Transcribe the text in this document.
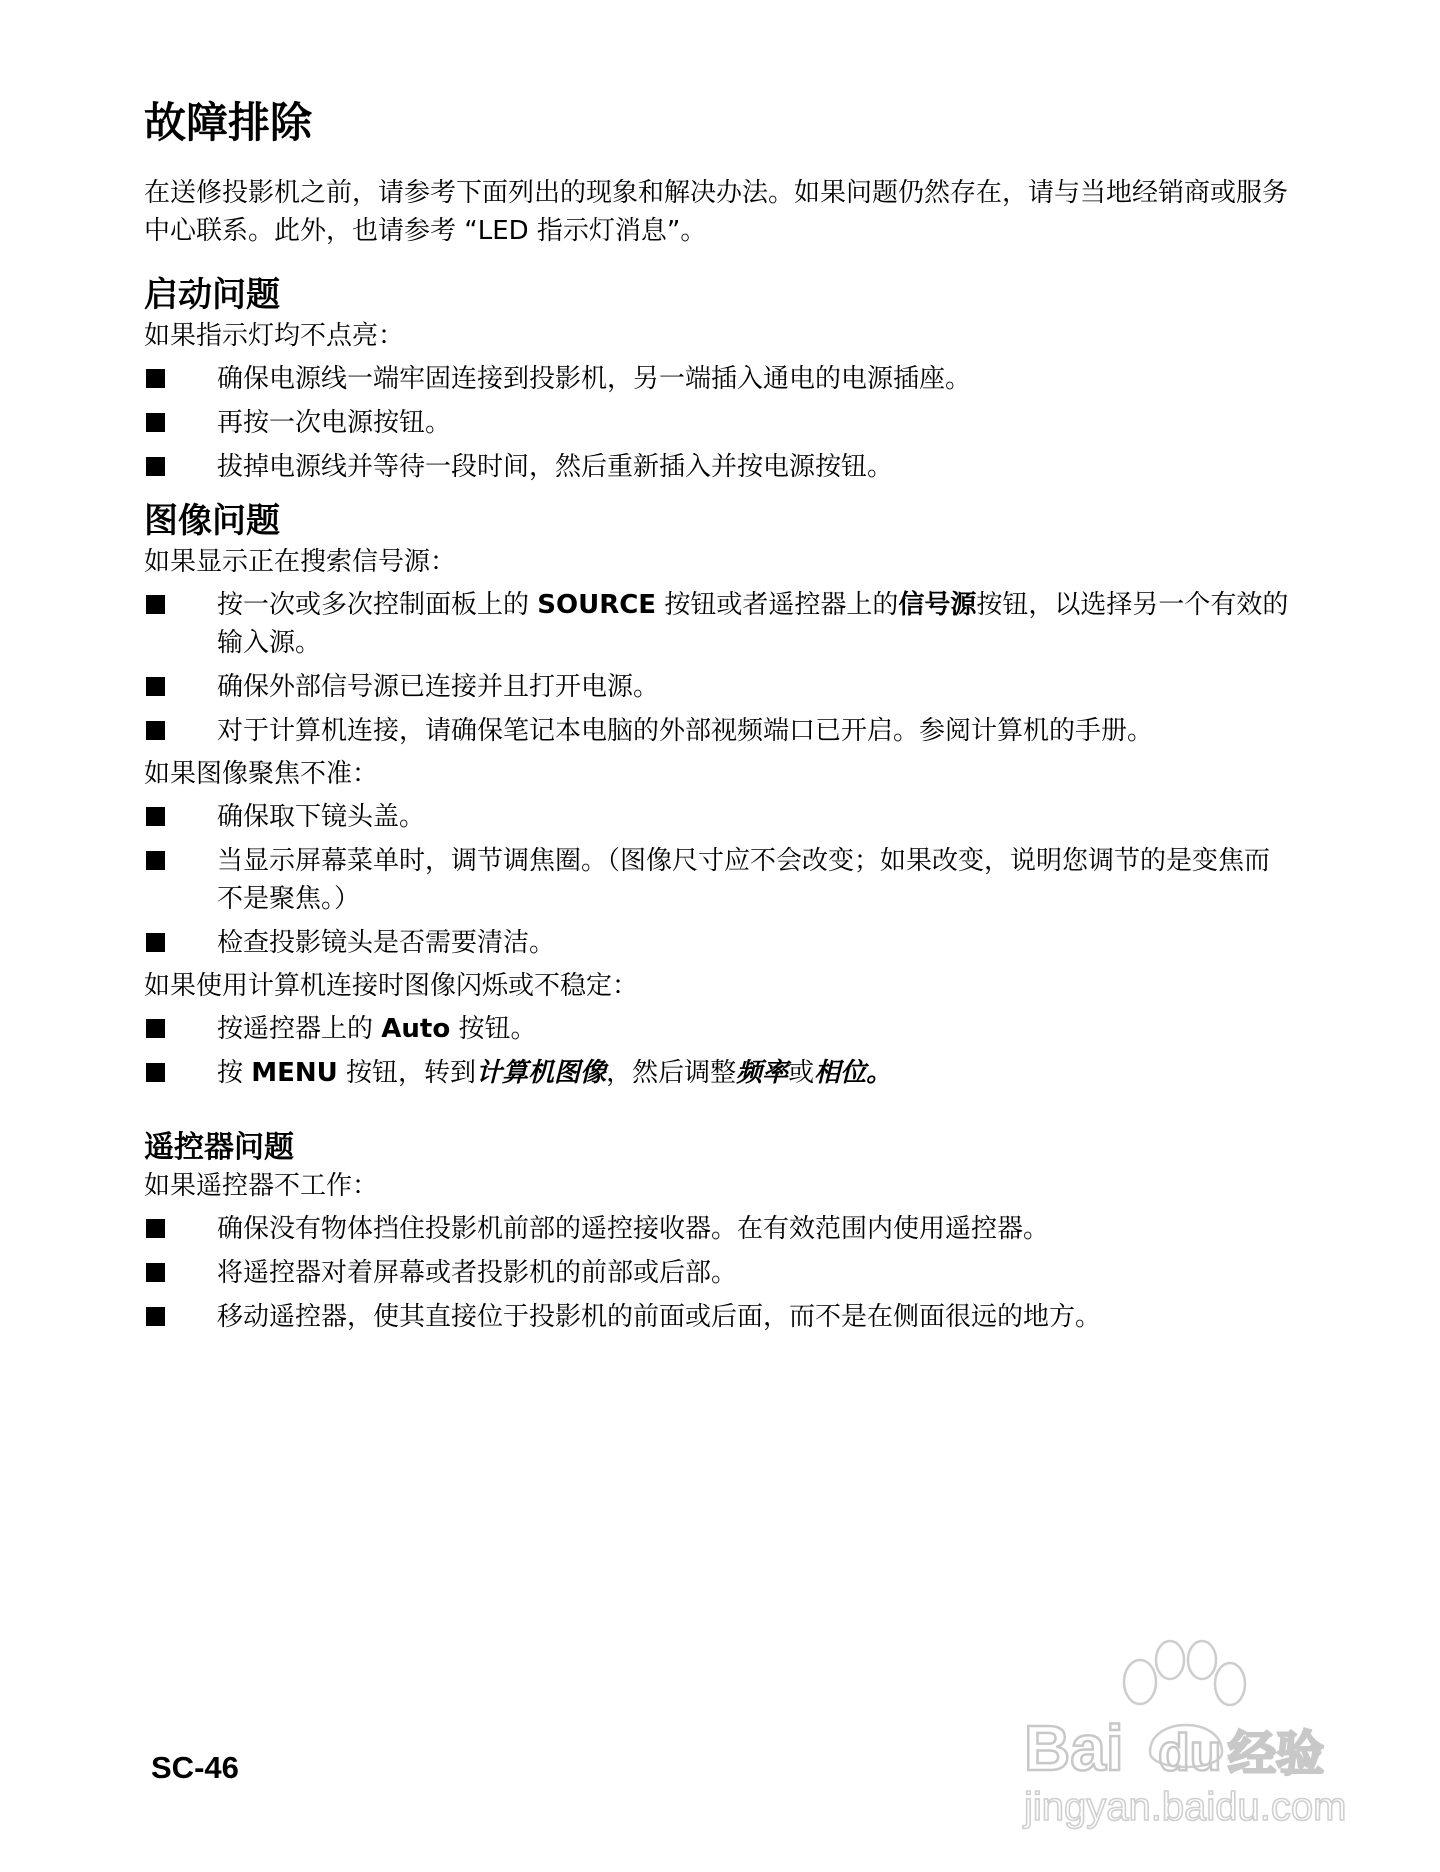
故障排除

在送修投影机之前，请参考下面列出的现象和解决办法。如果问题仍然存在，请与当地经销商或服务中心联系。此外，也请参考 “LED 指示灯消息”。

启动问题

如果指示灯均不点亮：

确保电源线一端牢固连接到投影机，另一端插入通电的电源插座。
再按一次电源按钮。
拔掉电源线并等待一段时间，然后重新插入并按电源按钮。
图像问题

如果显示正在搜索信号源：

按一次或多次控制面板上的 SOURCE 按钮或者遥控器上的信号源按钮，以选择另一个有效的输入源。
确保外部信号源已连接并且打开电源。
对于计算机连接，请确保笔记本电脑的外部视频端口已开启。参阅计算机的手册。

如果图像聚焦不准：

确保取下镜头盖。
当显示屏幕菜单时，调节调焦圈。（图像尺寸应不会改变；如果改变，说明您调节的是变焦而不是聚焦。）
检查投影镜头是否需要清洁。

如果使用计算机连接时图像闪烁或不稳定：

按遥控器上的 Auto 按钮。
按 MENU 按钮，转到计算机图像，然后调整频率或相位。
遥控器问题

如果遥控器不工作：

确保没有物体挡住投影机前部的遥控接收器。在有效范围内使用遥控器。
将遥控器对着屏幕或者投影机的前部或后部。
移动遥控器，使其直接位于投影机的前面或后面，而不是在侧面很远的地方。
SC-46	Bai du 经验
jingyan.baidu.com
